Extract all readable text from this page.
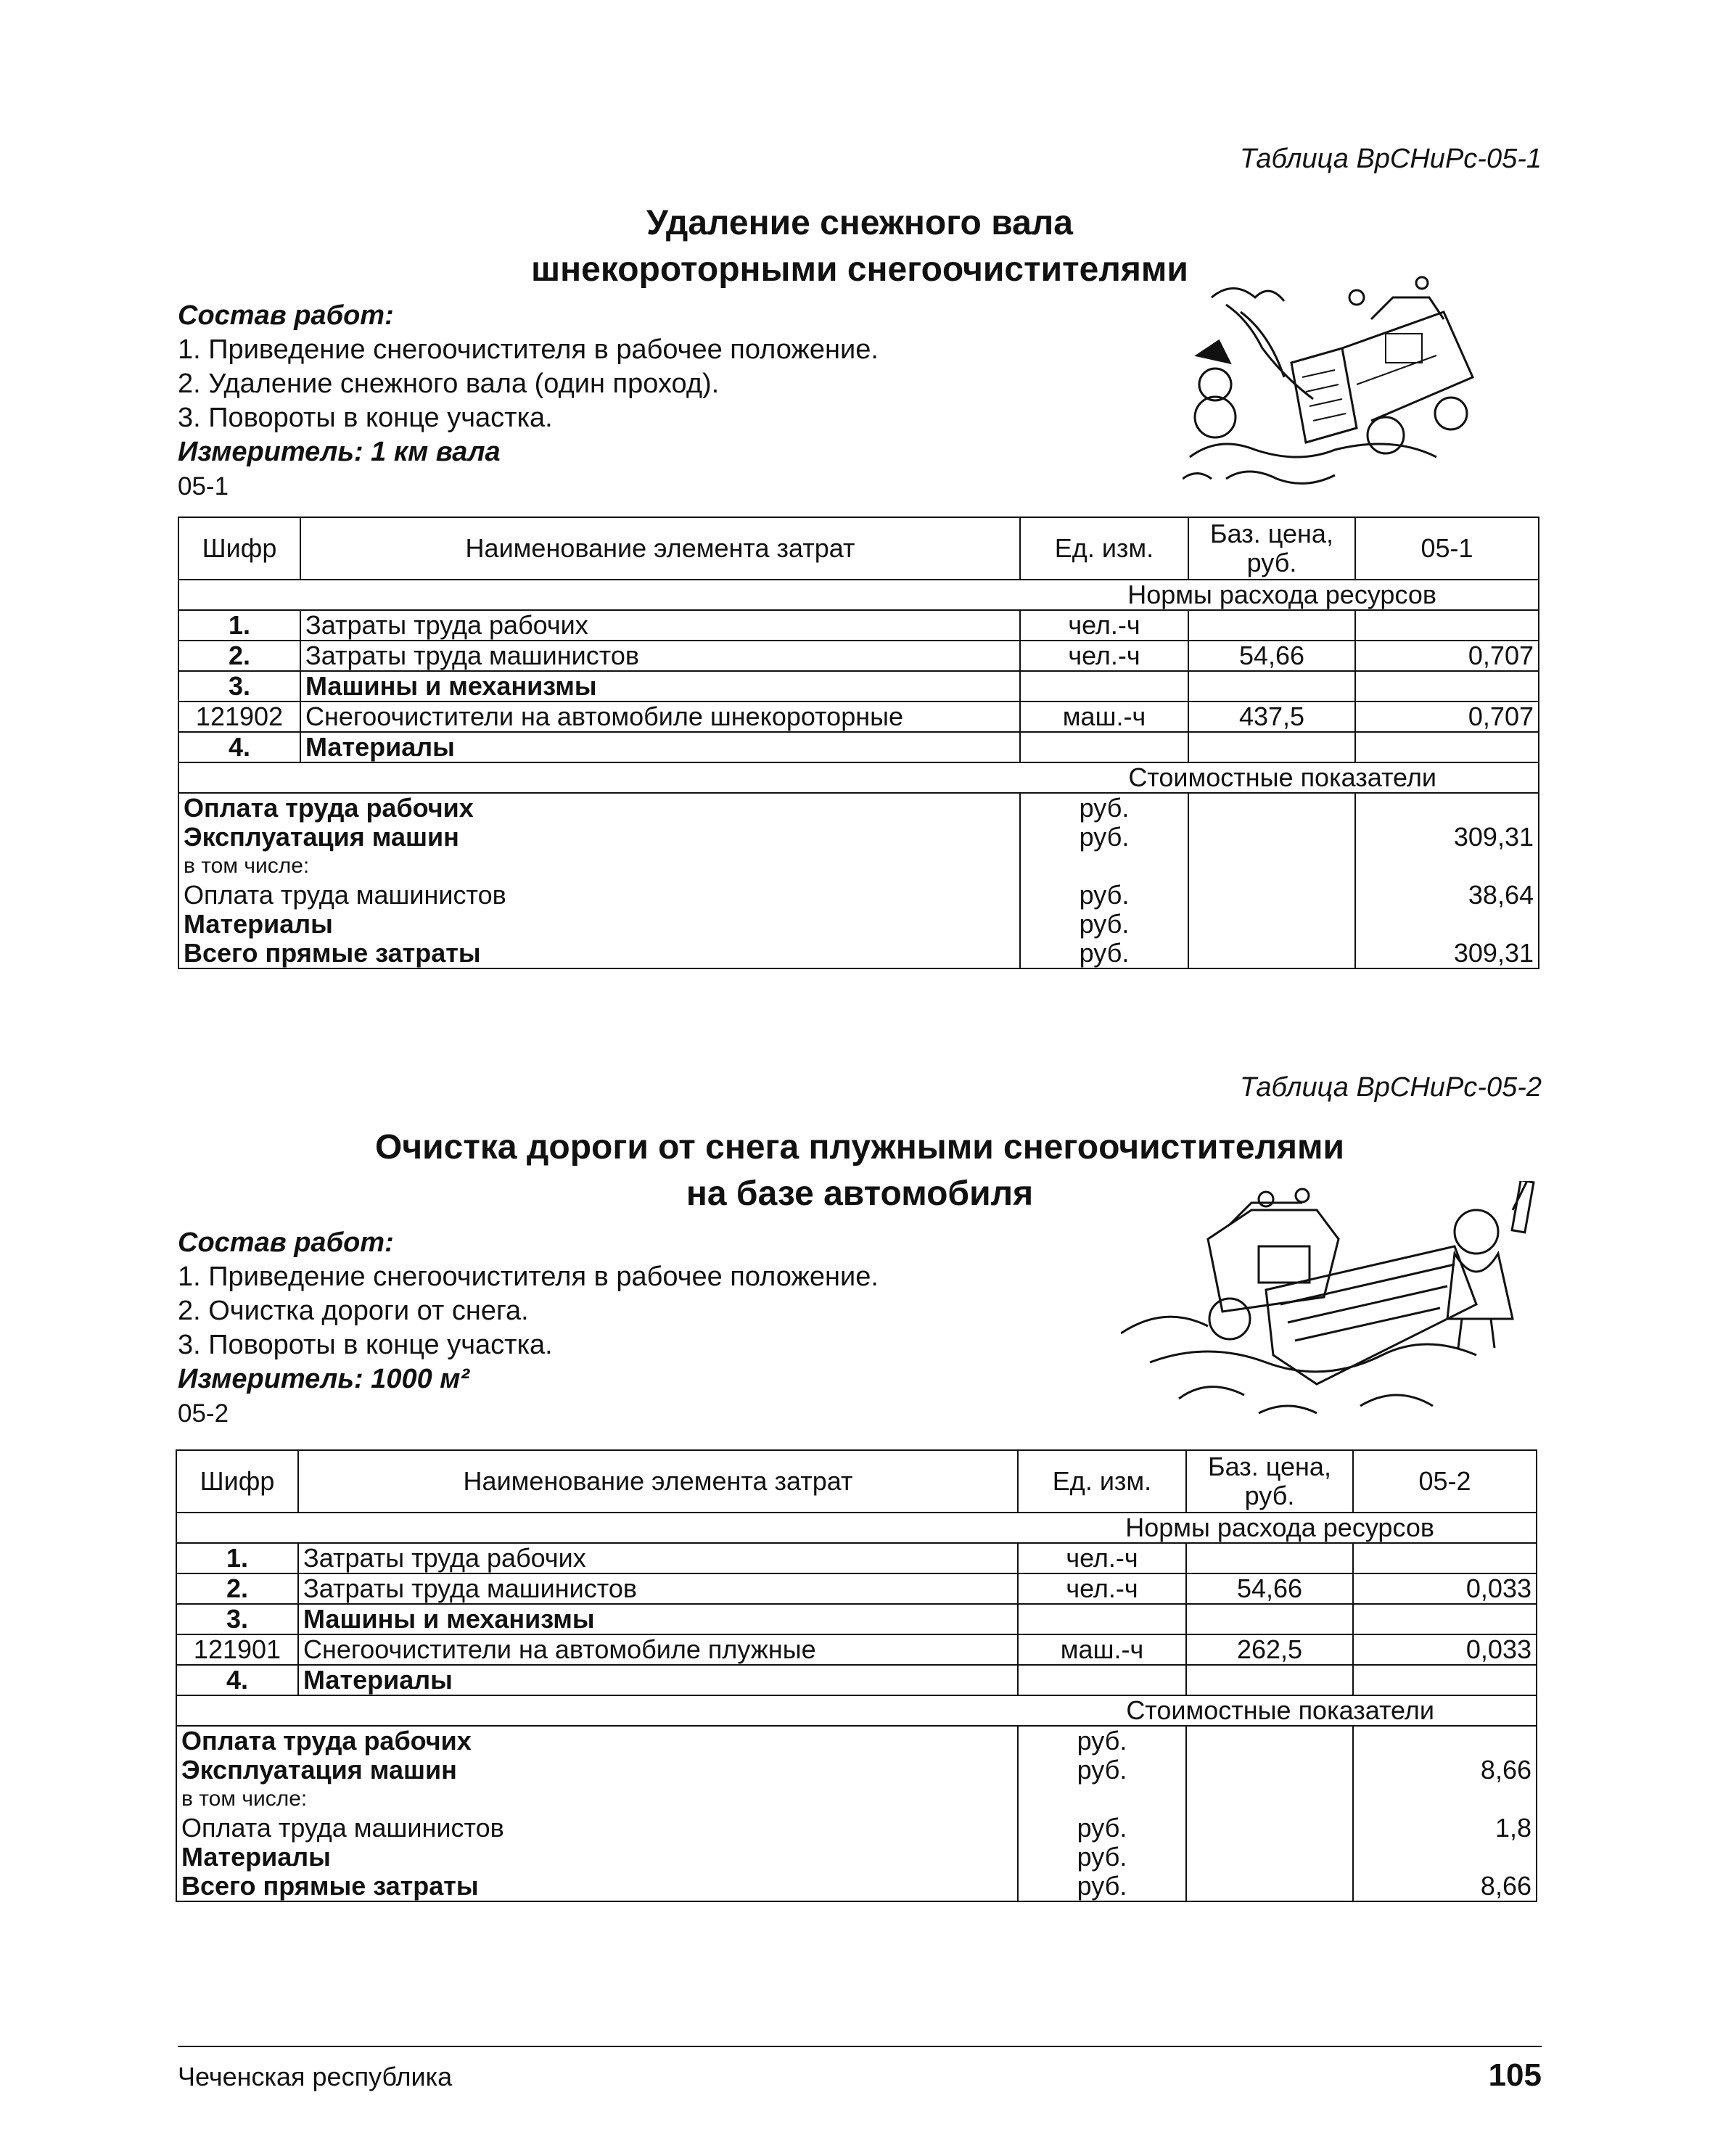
Таблица ВрСНиРс-05-1
Удаление снежного вала
шнекороторными снегоочистителями
Состав работ:
1. Приведение снегоочистителя в рабочее положение.
2. Удаление снежного вала (один проход).
3. Повороты в конце участка.
Измеритель: 1 км вала
05-1
Шифр	Наименование элемента затрат	Ед. изм.	Баз. цена, руб.	05-1
Нормы расхода ресурсов				
1.	Затраты труда рабочих	чел.-ч		
2.	Затраты труда машинистов	чел.-ч	54,66	0,707
3.	Машины и механизмы			
121902	Снегоочистители на автомобиле шнекороторные	маш.-ч	437,5	0,707
4.	Материалы			
Стоимостные показатели				
Оплата труда рабочих		руб.		
Эксплуатация машин		руб.		309,31
в том числе:				
Оплата труда машинистов		руб.		38,64
Материалы		руб.		
Всего прямые затраты		руб.		309,31
Таблица ВрСНиРс-05-2
Очистка дороги от снега плужными снегоочистителями
на базе автомобиля
Состав работ:
1. Приведение снегоочистителя в рабочее положение.
2. Очистка дороги от снега.
3. Повороты в конце участка.
Измеритель: 1000 м²
05-2
Шифр	Наименование элемента затрат	Ед. изм.	Баз. цена, руб.	05-2
Нормы расхода ресурсов				
1.	Затраты труда рабочих	чел.-ч		
2.	Затраты труда машинистов	чел.-ч	54,66	0,033
3.	Машины и механизмы			
121901	Снегоочистители на автомобиле плужные	маш.-ч	262,5	0,033
4.	Материалы			
Стоимостные показатели				
Оплата труда рабочих		руб.		
Эксплуатация машин		руб.		8,66
в том числе:				
Оплата труда машинистов		руб.		1,8
Материалы		руб.		
Всего прямые затраты		руб.		8,66
Чеченская республика	105
